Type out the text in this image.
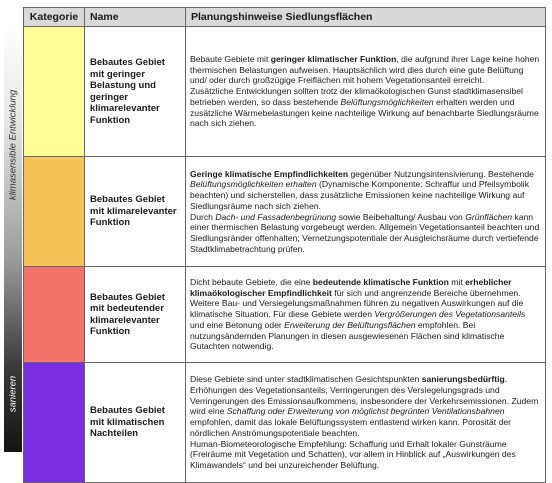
klimasensible Entwicklung
sanieren
Kategorie	Name	Planungshinweise Siedlungsflächen
	Bebautes Gebiet mit geringer Belastung und geringer klimarelevanter Funktion	Bebaute Gebiete mit geringer klimatischer Funktion, die aufgrund ihrer Lage keine hohen thermischen Belastungen aufweisen. Hauptsächlich wird dies durch eine gute Belüftung und/ oder durch großzügige Freiflächen mit hohem Vegetationsanteil erreicht.

Zusätzliche Entwicklungen sollten trotz der klimaökologischen Gunst stadtklimasensibel betrieben werden, so dass bestehende Belüftungsmöglichkeiten erhalten werden und zusätzliche Wärmebelastungen keine nachteilige Wirkung auf benachbarte Siedlungsräume nach sich ziehen.

	Bebautes Gebiet mit klimarelevanter Funktion	Geringe klimatische Empfindlichkeiten gegenüber Nutzungsintensivierung. Bestehende Belüftungsmöglichkeiten erhalten (Dynamische Komponente: Schraffur und Pfeilsymbolik beachten) und sicherstellen, dass zusätzliche Emissionen keine nachteilige Wirkung auf Siedlungsräume nach sich ziehen.

Durch Dach- und Fassadenbegrünung sowie Beibehaltung/ Ausbau von Grünflächen kann einer thermischen Belastung vorgebeugt werden. Allgemein Vegetationsanteil beachten und Siedlungsränder offenhalten; Vernetzungspotentiale der Ausgleichsräume durch vertiefende Stadtklimabetrachtung prüfen.

	Bebautes Gebiet mit bedeutender klimarelevanter Funktion	Dicht bebaute Gebiete, die eine bedeutende klimatische Funktion mit erheblicher klimaökologischer Empfindlichkeit für sich und angrenzende Bereiche übernehmen. Weitere Bau- und Versiegelungsmaßnahmen führen zu negativen Auswirkungen auf die klimatische Situation. Für diese Gebiete werden Vergrößerungen des Vegetationsanteils und eine Betonung oder Erweiterung der Belüftungsflächen empfohlen. Bei nutzungsändernden Planungen in diesen ausgewiesenen Flächen sind klimatische Gutachten notwendig.

	Bebautes Gebiet mit klimatischen Nachteilen	Diese Gebiete sind unter stadtklimatischen Gesichtspunkten sanierungsbedürftig. Erhöhungen des Vegetationsanteils, Verringerungen des Versiegelungsgrads und Verringerungen des Emissionsaufkommens, insbesondere der Verkehrsemissionen. Zudem wird eine Schaffung oder Erweiterung von möglichst begrünten Ventilationsbahnen empfohlen, damit das lokale Belüftungssystem entlastend wirken kann. Porosität der nördlichen Anströmungspotentiale beachten.

Human-Biometeorologische Empfehlung: Schaffung und Erhalt lokaler Gunsträume (Freiräume mit Vegetation und Schatten), vor allem in Hinblick auf „Auswirkungen des Klimawandels“ und bei unzureichender Belüftung.
